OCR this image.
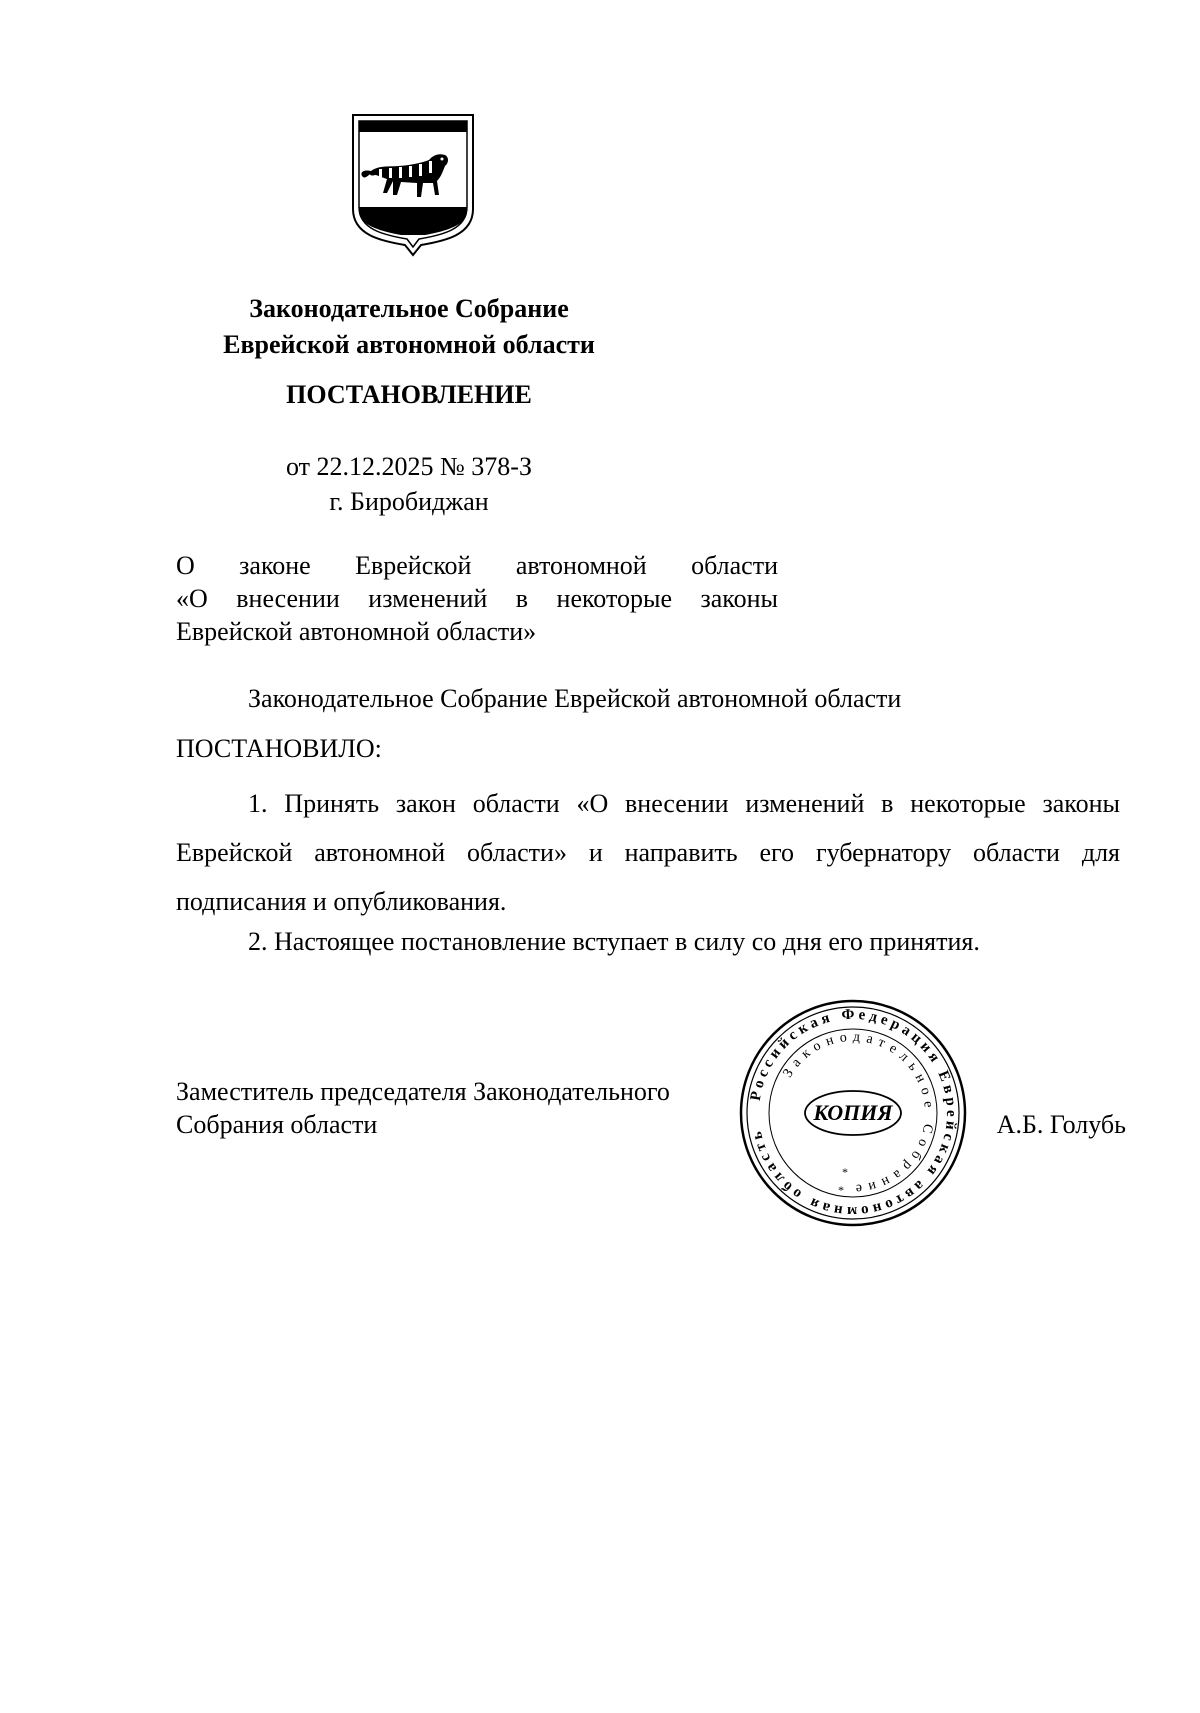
Законодательное Собрание
Еврейской автономной области
ПОСТАНОВЛЕНИЕ
от 22.12.2025 № 378-З
г. Биробиджан
О законе Еврейской автономной области
«О внесении изменений в некоторые законы
Еврейской автономной области»

Законодательное Собрание Еврейской автономной области

ПОСТАНОВИЛО:

1. Принять закон области «О внесении изменений в некоторые законы Еврейской автономной области» и направить его губернатору области для подписания и опубликования.

2. Настоящее постановление вступает в силу со дня его принятия.

Заместитель председателя Законодательного
Собрания области	А.Б. Голубь
Российская Федерация Еврейская автономная область
Законодательное Собрание
КОПИЯ
*
*
